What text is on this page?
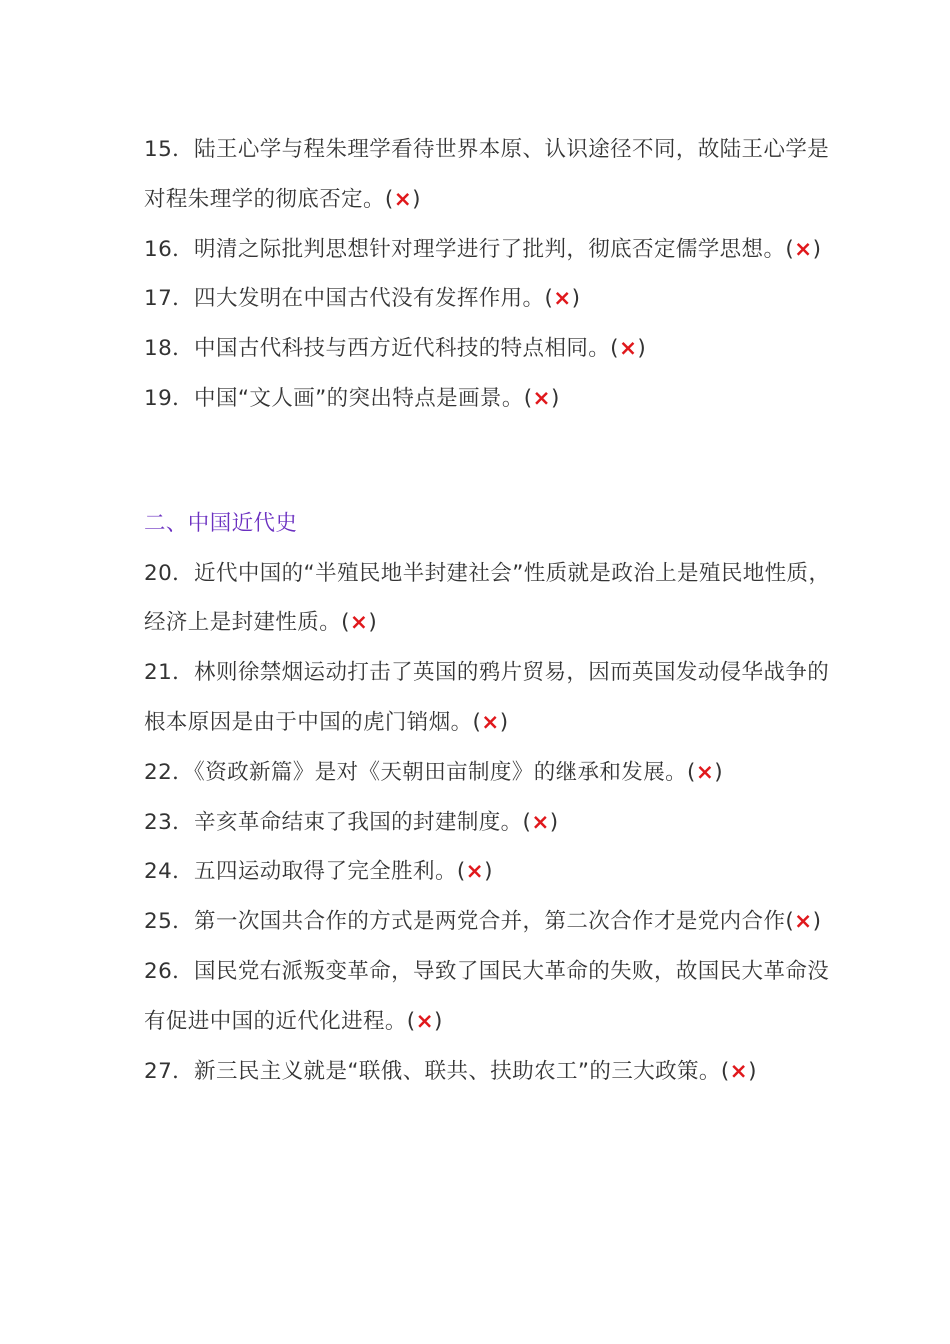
15．陆王心学与程朱理学看待世界本原、认识途径不同，故陆王心学是对程朱理学的彻底否定。(×)

16．明清之际批判思想针对理学进行了批判，彻底否定儒学思想。(×)

17．四大发明在中国古代没有发挥作用。(×)

18．中国古代科技与西方近代科技的特点相同。(×)

19．中国“文人画”的突出特点是画景。(×)

二、中国近代史

20．近代中国的“半殖民地半封建社会”性质就是政治上是殖民地性质，经济上是封建性质。(×)

21．林则徐禁烟运动打击了英国的鸦片贸易，因而英国发动侵华战争的根本原因是由于中国的虎门销烟。(×)

22．《资政新篇》是对《天朝田亩制度》的继承和发展。(×)

23．辛亥革命结束了我国的封建制度。(×)

24．五四运动取得了完全胜利。(×)

25．第一次国共合作的方式是两党合并，第二次合作才是党内合作(×)

26．国民党右派叛变革命，导致了国民大革命的失败，故国民大革命没有促进中国的近代化进程。(×)

27．新三民主义就是“联俄、联共、扶助农工”的三大政策。(×)
